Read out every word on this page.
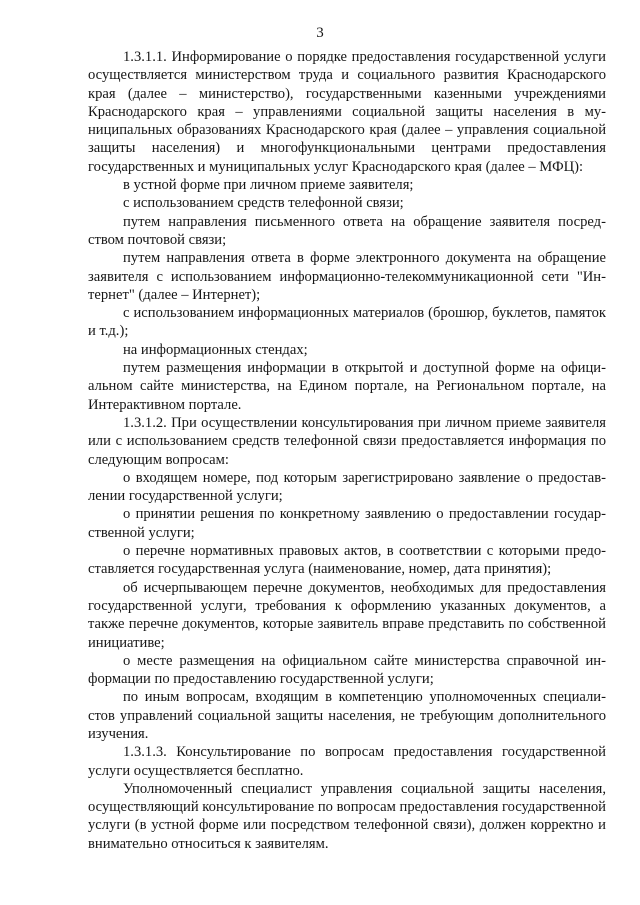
3

1.3.1.1. Информирование о порядке предоставления государственной услуги осуществляется министерством труда и социального развития Краснодарского края (далее – министерство), государственными казенными учреждениями Краснодарского края – управлениями социальной защиты населения в муниципальных образованиях Краснодарского края (далее – управления социальной защиты населения) и многофункциональными центрами предоставления государственных и муниципальных услуг Краснодарского края (далее – МФЦ):

в устной форме при личном приеме заявителя;

с использованием средств телефонной связи;

путем направления письменного ответа на обращение заявителя посредством почтовой связи;

путем направления ответа в форме электронного документа на обращение заявителя с использованием информационно-телекоммуникационной сети "Интернет" (далее – Интернет);

с использованием информационных материалов (брошюр, буклетов, памяток и т.д.);

на информационных стендах;

путем размещения информации в открытой и доступной форме на официальном сайте министерства, на Едином портале, на Региональном портале, на Интерактивном портале.

1.3.1.2. При осуществлении консультирования при личном приеме заявителя или с использованием средств телефонной связи предоставляется информация по следующим вопросам:

о входящем номере, под которым зарегистрировано заявление о предоставлении государственной услуги;

о принятии решения по конкретному заявлению о предоставлении государственной услуги;

о перечне нормативных правовых актов, в соответствии с которыми предоставляется государственная услуга (наименование, номер, дата принятия);

об исчерпывающем перечне документов, необходимых для предоставления государственной услуги, требования к оформлению указанных документов, а также перечне документов, которые заявитель вправе представить по собственной инициативе;

о месте размещения на официальном сайте министерства справочной информации по предоставлению государственной услуги;

по иным вопросам, входящим в компетенцию уполномоченных специалистов управлений социальной защиты населения, не требующим дополнительного изучения.

1.3.1.3. Консультирование по вопросам предоставления государственной услуги осуществляется бесплатно.

Уполномоченный специалист управления социальной защиты населения, осуществляющий консультирование по вопросам предоставления государственной услуги (в устной форме или посредством телефонной связи), должен корректно и внимательно относиться к заявителям.
